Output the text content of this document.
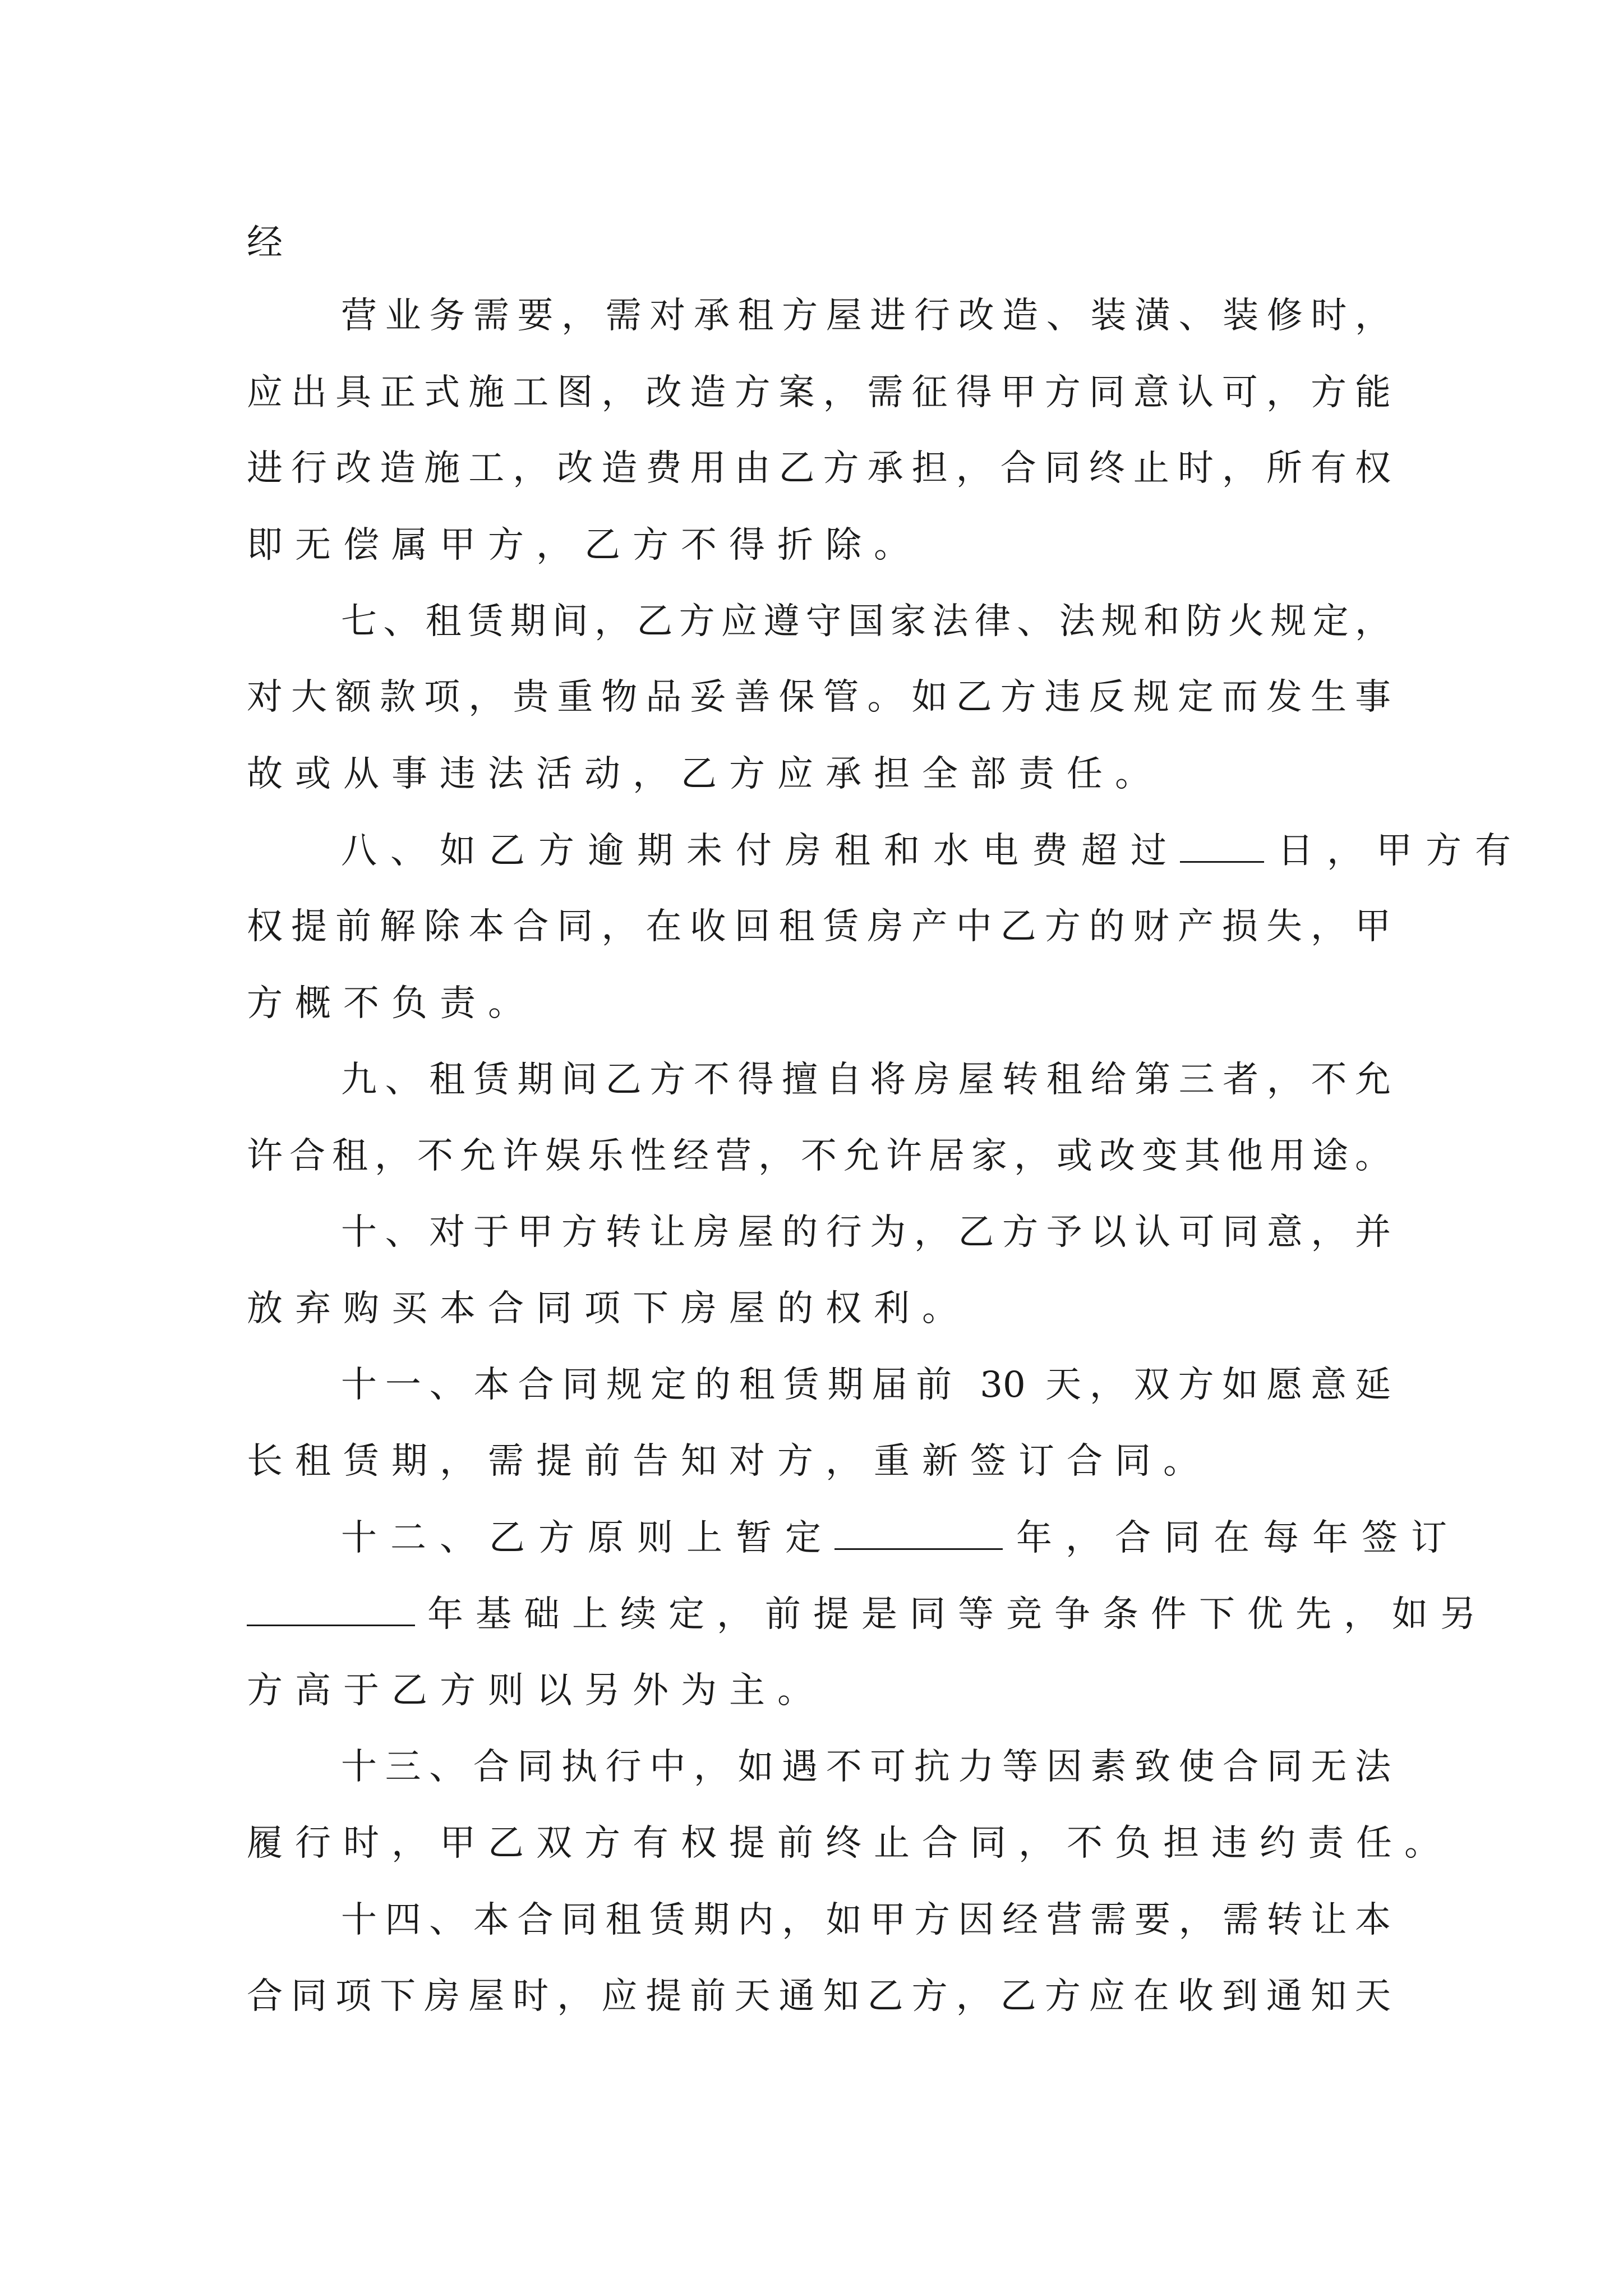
经
营业务需要，需对承租方屋进行改造、装潢、装修时，
应出具正式施工图，改造方案，需征得甲方同意认可，方能
进行改造施工，改造费用由乙方承担，合同终止时，所有权
即无偿属甲方，乙方不得折除。
七、租赁期间，乙方应遵守国家法律、法规和防火规定，
对大额款项，贵重物品妥善保管。如乙方违反规定而发生事
故或从事违法活动，乙方应承担全部责任。
八、如乙方逾期未付房租和水电费超过	日，甲方有
权提前解除本合同，在收回租赁房产中乙方的财产损失，甲
方概不负责。
九、租赁期间乙方不得擅自将房屋转租给第三者，不允
许合租，不允许娱乐性经营，不允许居家，或改变其他用途。
十、对于甲方转让房屋的行为，乙方予以认可同意，并
放弃购买本合同项下房屋的权利。
十一、本合同规定的租赁期届前 30 天，双方如愿意延
长租赁期，需提前告知对方，重新签订合同。
十二、乙方原则上暂定	年，合同在每年签订
年基础上续定，前提是同等竞争条件下优先，如另
方高于乙方则以另外为主。
十三、合同执行中，如遇不可抗力等因素致使合同无法
履行时，甲乙双方有权提前终止合同，不负担违约责任。
十四、本合同租赁期内，如甲方因经营需要，需转让本
合同项下房屋时，应提前天通知乙方，乙方应在收到通知天
